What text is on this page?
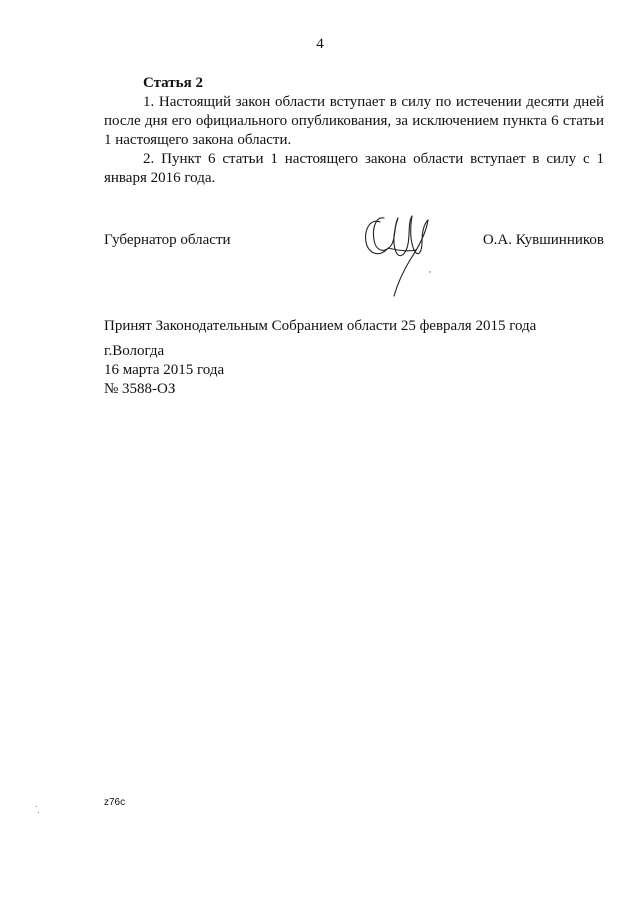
4

Статья 2

1. Настоящий закон области вступает в силу по истечении десяти дней после дня его официального опубликования, за исключением пункта 6 статьи 1 настоящего закона области.

2. Пункт 6 статьи 1 настоящего закона области вступает в силу с 1 января 2016 года.

Губернатор области	О.А. Кувшинников
Принят Законодательным Собранием области 25 февраля 2015 года
г.Вологда
16 марта 2015 года
№ 3588-ОЗ
z76c
